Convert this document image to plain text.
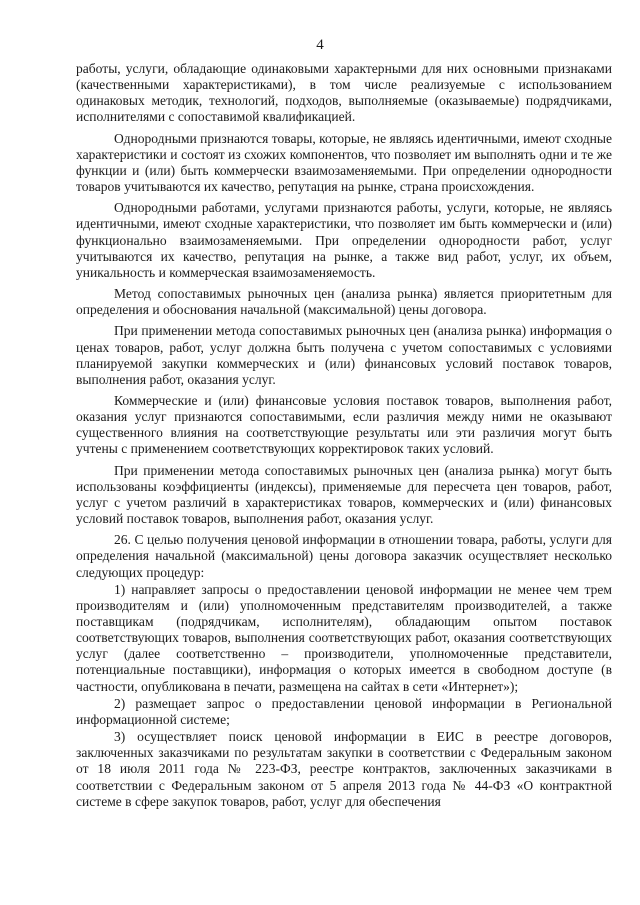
4

работы, услуги, обладающие одинаковыми характерными для них основными признаками (качественными характеристиками), в том числе реализуемые с использованием одинаковых методик, технологий, подходов, выполняемые (оказываемые) подрядчиками, исполнителями с сопоставимой квалификацией.

Однородными признаются товары, которые, не являясь идентичными, имеют сходные характеристики и состоят из схожих компонентов, что позволяет им выполнять одни и те же функции и (или) быть коммерчески взаимозаменяемыми. При определении однородности товаров учитываются их качество, репутация на рынке, страна происхождения.

Однородными работами, услугами признаются работы, услуги, которые, не являясь идентичными, имеют сходные характеристики, что позволяет им быть коммерчески и (или) функционально взаимозаменяемыми. При определении однородности работ, услуг учитываются их качество, репутация на рынке, а также вид работ, услуг, их объем, уникальность и коммерческая взаимозаменяемость.

Метод сопоставимых рыночных цен (анализа рынка) является приоритетным для определения и обоснования начальной (максимальной) цены договора.

При применении метода сопоставимых рыночных цен (анализа рынка) информация о ценах товаров, работ, услуг должна быть получена с учетом сопоставимых с условиями планируемой закупки коммерческих и (или) финансовых условий поставок товаров, выполнения работ, оказания услуг.

Коммерческие и (или) финансовые условия поставок товаров, выполнения работ, оказания услуг признаются сопоставимыми, если различия между ними не оказывают существенного влияния на соответствующие результаты или эти различия могут быть учтены с применением соответствующих корректировок таких условий.

При применении метода сопоставимых рыночных цен (анализа рынка) могут быть использованы коэффициенты (индексы), применяемые для пересчета цен товаров, работ, услуг с учетом различий в характеристиках товаров, коммерческих и (или) финансовых условий поставок товаров, выполнения работ, оказания услуг.

26. С целью получения ценовой информации в отношении товара, работы, услуги для определения начальной (максимальной) цены договора заказчик осуществляет несколько следующих процедур:

1) направляет запросы о предоставлении ценовой информации не менее чем трем производителям и (или) уполномоченным представителям производителей, а также поставщикам (подрядчикам, исполнителям), обладающим опытом поставок соответствующих товаров, выполнения соответствующих работ, оказания соответствующих услуг (далее соответственно – производители, уполномоченные представители, потенциальные поставщики), информация о которых имеется в свободном доступе (в частности, опубликована в печати, размещена на сайтах в сети «Интернет»);

2) размещает запрос о предоставлении ценовой информации в Региональной информационной системе;

3) осуществляет поиск ценовой информации в ЕИС в реестре договоров, заключенных заказчиками по результатам закупки в соответствии с Федеральным законом от 18 июля 2011 года № 223-ФЗ, реестре контрактов, заключенных заказчиками в соответствии с Федеральным законом от 5 апреля 2013 года № 44-ФЗ «О контрактной системе в сфере закупок товаров, работ, услуг для обеспечения
